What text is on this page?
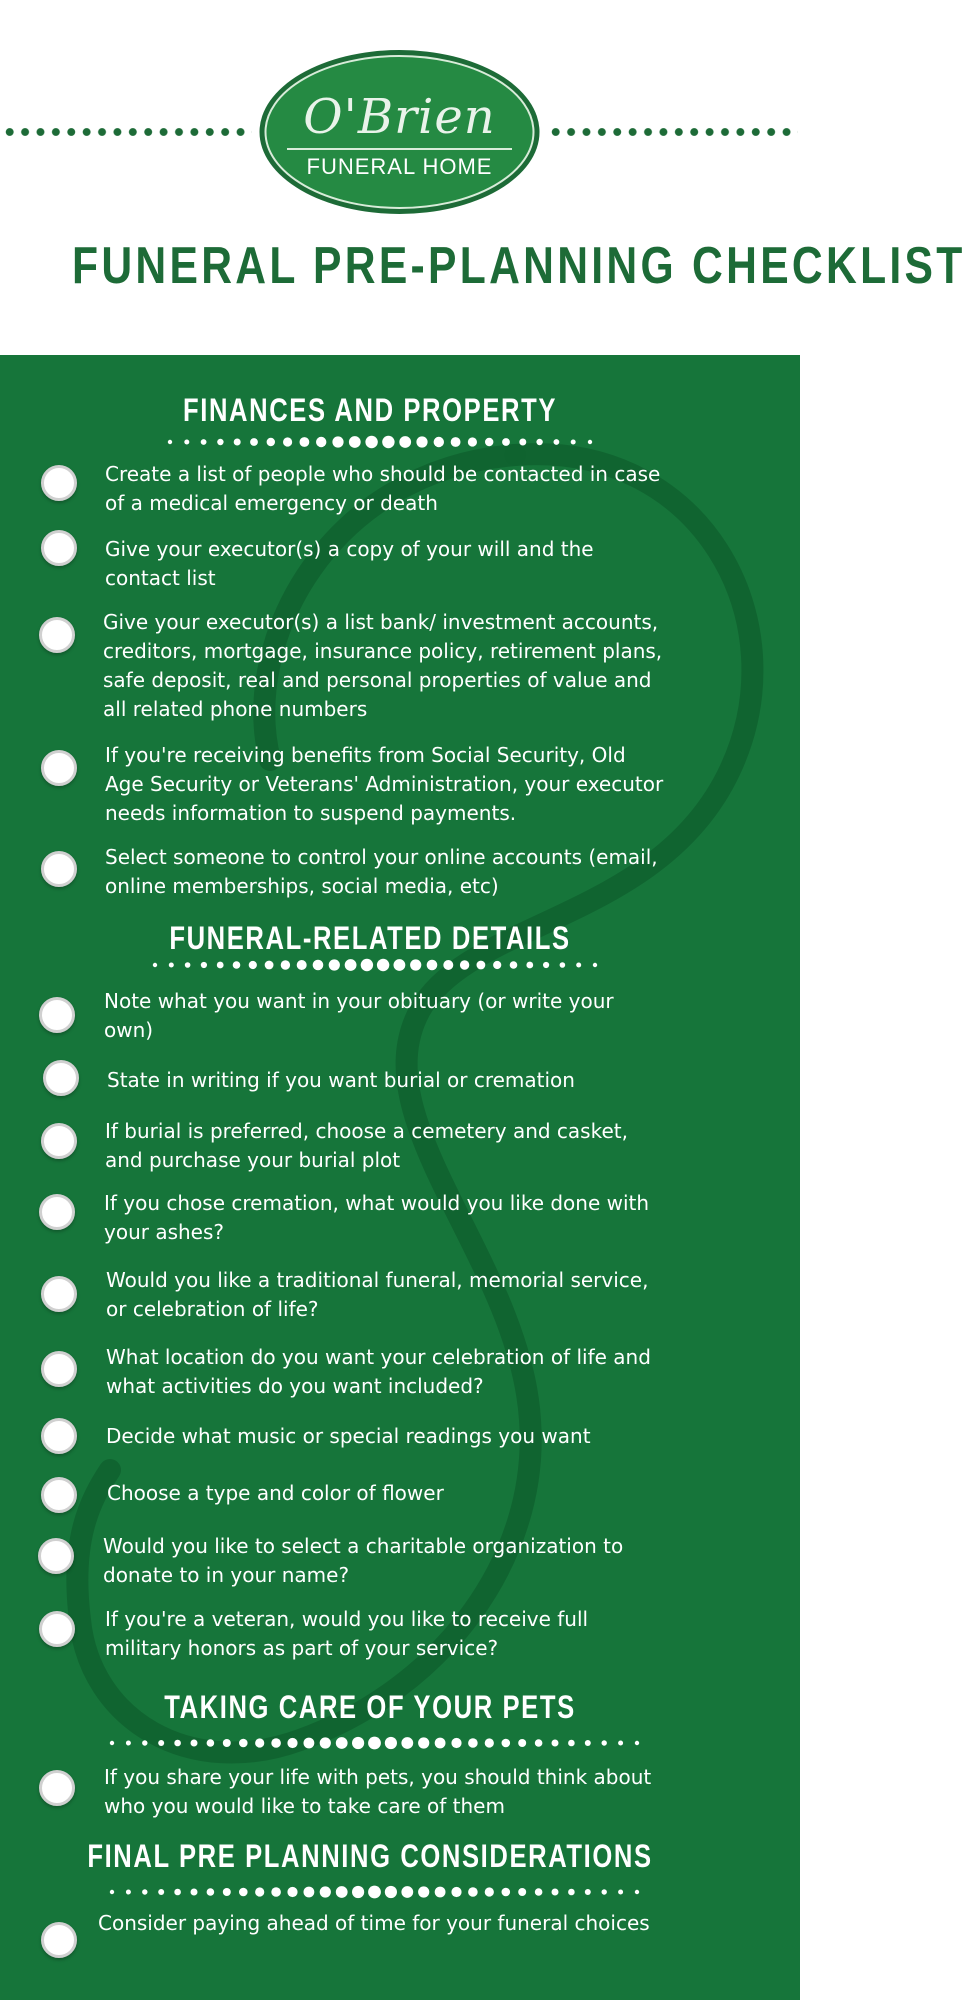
O'Brien
FUNERAL HOME
FUNERAL PRE-PLANNING CHECKLIST
FINANCES AND PROPERTY
Create a list of people who should be contacted in case of a medical emergency or death
Give your executor(s) a copy of your will and the contact list
Give your executor(s) a list bank/ investment accounts, creditors, mortgage, insurance policy, retirement plans, safe deposit, real and personal properties of value and all related phone numbers
If you're receiving benefits from Social Security, Old Age Security or Veterans' Administration, your executor needs information to suspend payments.
Select someone to control your online accounts (email, online memberships, social media, etc)
FUNERAL-RELATED DETAILS
Note what you want in your obituary (or write your own)
State in writing if you want burial or cremation
If burial is preferred, choose a cemetery and casket, and purchase your burial plot
If you chose cremation, what would you like done with your ashes?
Would you like a traditional funeral, memorial service, or celebration of life?
What location do you want your celebration of life and what activities do you want included?
Decide what music or special readings you want
Choose a type and color of flower
Would you like to select a charitable organization to donate to in your name?
If you're a veteran, would you like to receive full military honors as part of your service?
TAKING CARE OF YOUR PETS
If you share your life with pets, you should think about who you would like to take care of them
FINAL PRE PLANNING CONSIDERATIONS
Consider paying ahead of time for your funeral choices
